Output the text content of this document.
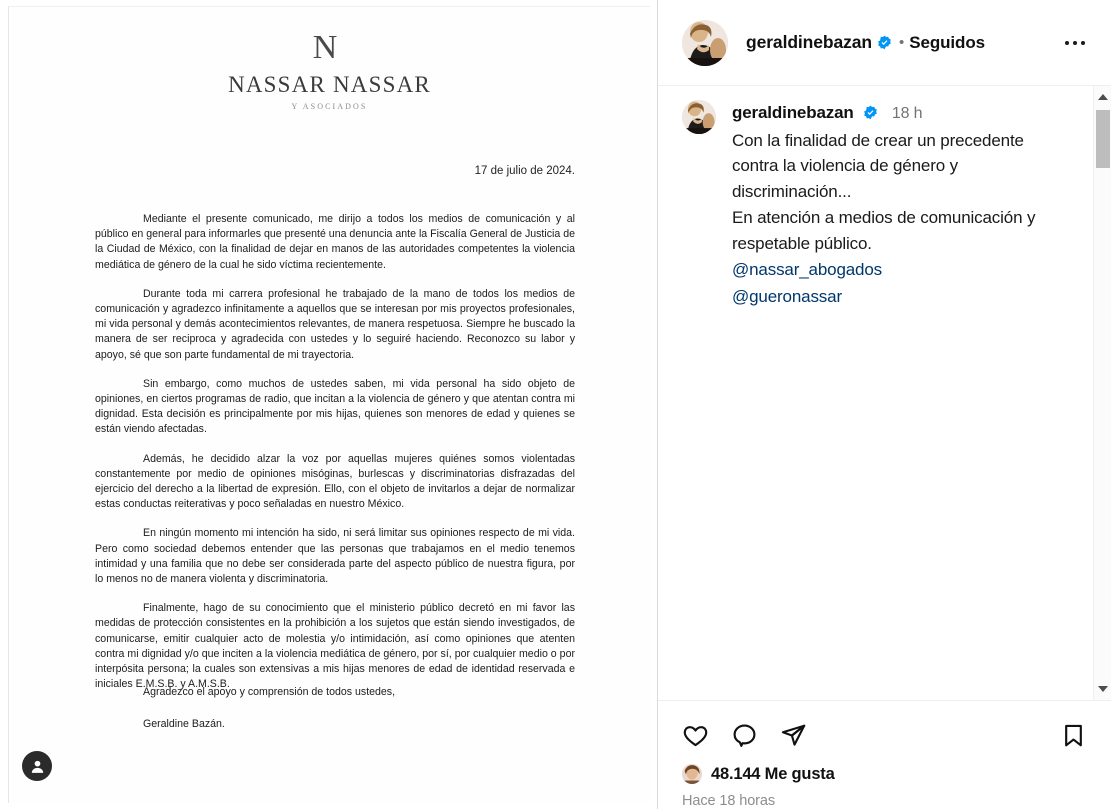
N
NASSAR NASSAR
Y ASOCIADOS
17 de julio de 2024.

Mediante el presente comunicado, me dirijo a todos los medios de comunicación y al público en general para informarles que presenté una denuncia ante la Fiscalía General de Justicia de la Ciudad de México, con la finalidad de dejar en manos de las autoridades competentes la violencia mediática de género de la cual he sido víctima recientemente.

Durante toda mi carrera profesional he trabajado de la mano de todos los medios de comunicación y agradezco infinitamente a aquellos que se interesan por mis proyectos profesionales, mi vida personal y demás acontecimientos relevantes, de manera respetuosa. Siempre he buscado la manera de ser reciproca y agradecida con ustedes y lo seguiré haciendo. Reconozco su labor y apoyo, sé que son parte fundamental de mi trayectoria.

Sin embargo, como muchos de ustedes saben, mi vida personal ha sido objeto de opiniones, en ciertos programas de radio, que incitan a la violencia de género y que atentan contra mi dignidad. Esta decisión es principalmente por mis hijas, quienes son menores de edad y quienes se están viendo afectadas.

Además, he decidido alzar la voz por aquellas mujeres quiénes somos violentadas constantemente por medio de opiniones misóginas, burlescas y discriminatorias disfrazadas del ejercicio del derecho a la libertad de expresión. Ello, con el objeto de invitarlos a dejar de normalizar estas conductas reiterativas y poco señaladas en nuestro México.

En ningún momento mi intención ha sido, ni será limitar sus opiniones respecto de mi vida. Pero como sociedad debemos entender que las personas que trabajamos en el medio tenemos intimidad y una familia que no debe ser considerada parte del aspecto público de nuestra figura, por lo menos no de manera violenta y discriminatoria.

Finalmente, hago de su conocimiento que el ministerio público decretó en mi favor las medidas de protección consistentes en la prohibición a los sujetos que están siendo investigados, de comunicarse, emitir cualquier acto de molestia y/o intimidación, así como opiniones que atenten contra mi dignidad y/o que inciten a la violencia mediática de género, por sí, por cualquier medio o por interpósita persona; la cuales son extensivas a mis hijas menores de edad de identidad reservada e iniciales E.M.S.B. y A.M.S.B.

Agradezco el apoyo y comprensión de todos ustedes,
Geraldine Bazán.
geraldinebazan • Seguidos
geraldinebazan 18 h
Con la finalidad de crear un precedente contra la violencia de género y discriminación...
En atención a medios de comunicación y respetable público.
@nassar_abogados
@gueronassar
48.144 Me gusta
Hace 18 horas
